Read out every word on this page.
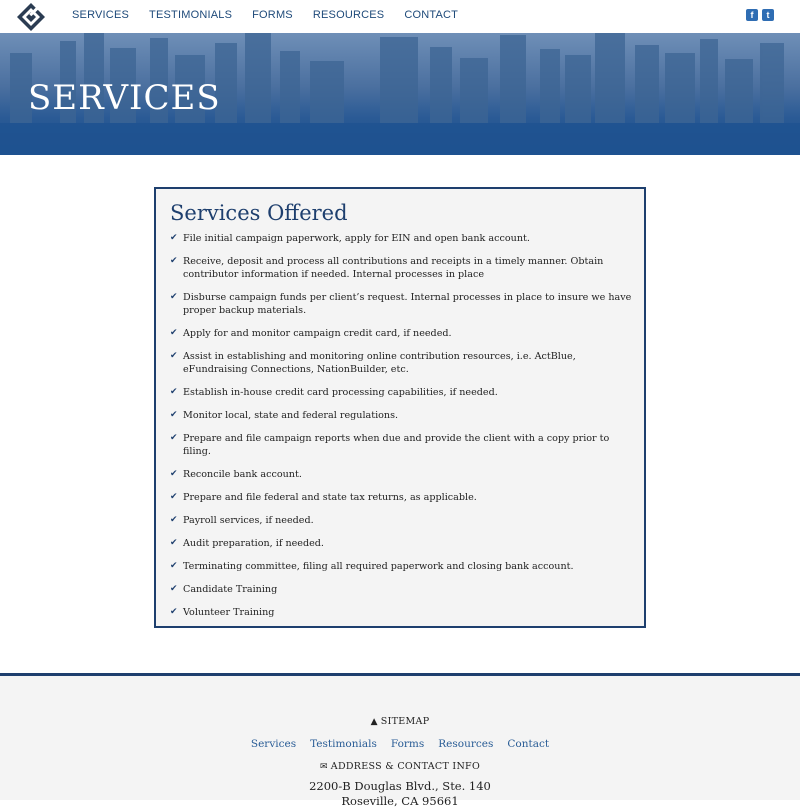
SERVICES TESTIMONIALS FORMS RESOURCES CONTACT	f	t
SERVICES
Services Offered
✔ File initial campaign paperwork, apply for EIN and open bank account.
✔ Receive, deposit and process all contributions and receipts in a timely manner. Obtain contributor information if needed. Internal processes in place
✔ Disburse campaign funds per client’s request. Internal processes in place to insure we have proper backup materials.
✔ Apply for and monitor campaign credit card, if needed.
✔ Assist in establishing and monitoring online contribution resources, i.e. ActBlue, eFundraising Connections, NationBuilder, etc.
✔ Establish in-house credit card processing capabilities, if needed.
✔ Monitor local, state and federal regulations.
✔ Prepare and file campaign reports when due and provide the client with a copy prior to filing.
✔ Reconcile bank account.
✔ Prepare and file federal and state tax returns, as applicable.
✔ Payroll services, if needed.
✔ Audit preparation, if needed.
✔ Terminating committee, filing all required paperwork and closing bank account.
✔ Candidate Training
✔ Volunteer Training
▲ SITEMAP
Services Testimonials Forms Resources Contact
✉ ADDRESS & CONTACT INFO
2200-B Douglas Blvd., Ste. 140
Roseville, CA 95661
